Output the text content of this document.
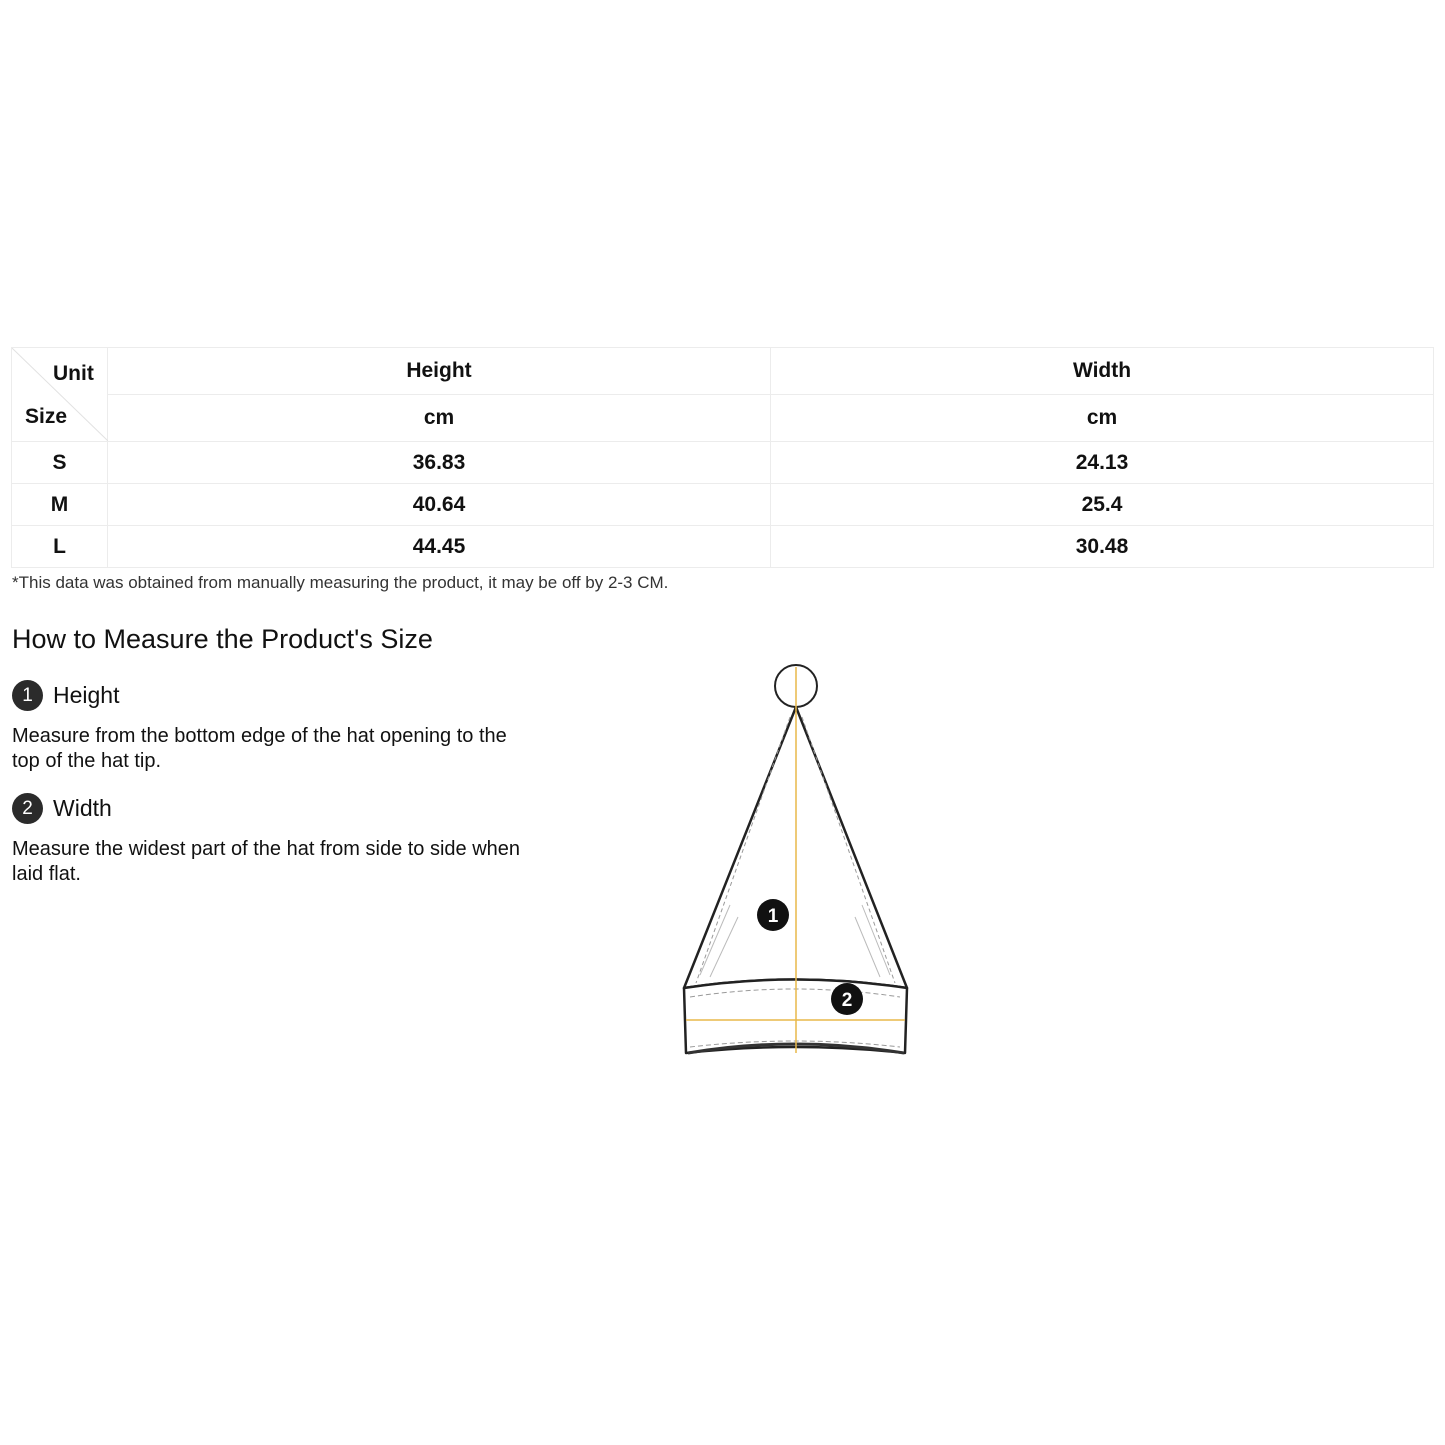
Unit
Size	Height	Width
	cm	cm
S	36.83	24.13
M	40.64	25.4
L	44.45	30.48
*This data was obtained from manually measuring the product, it may be off by 2-3 CM.
How to Measure the Product's Size
1 Height
Measure from the bottom edge of the hat opening to the top of the hat tip.
2 Width
Measure the widest part of the hat from side to side when laid flat.
1
2
